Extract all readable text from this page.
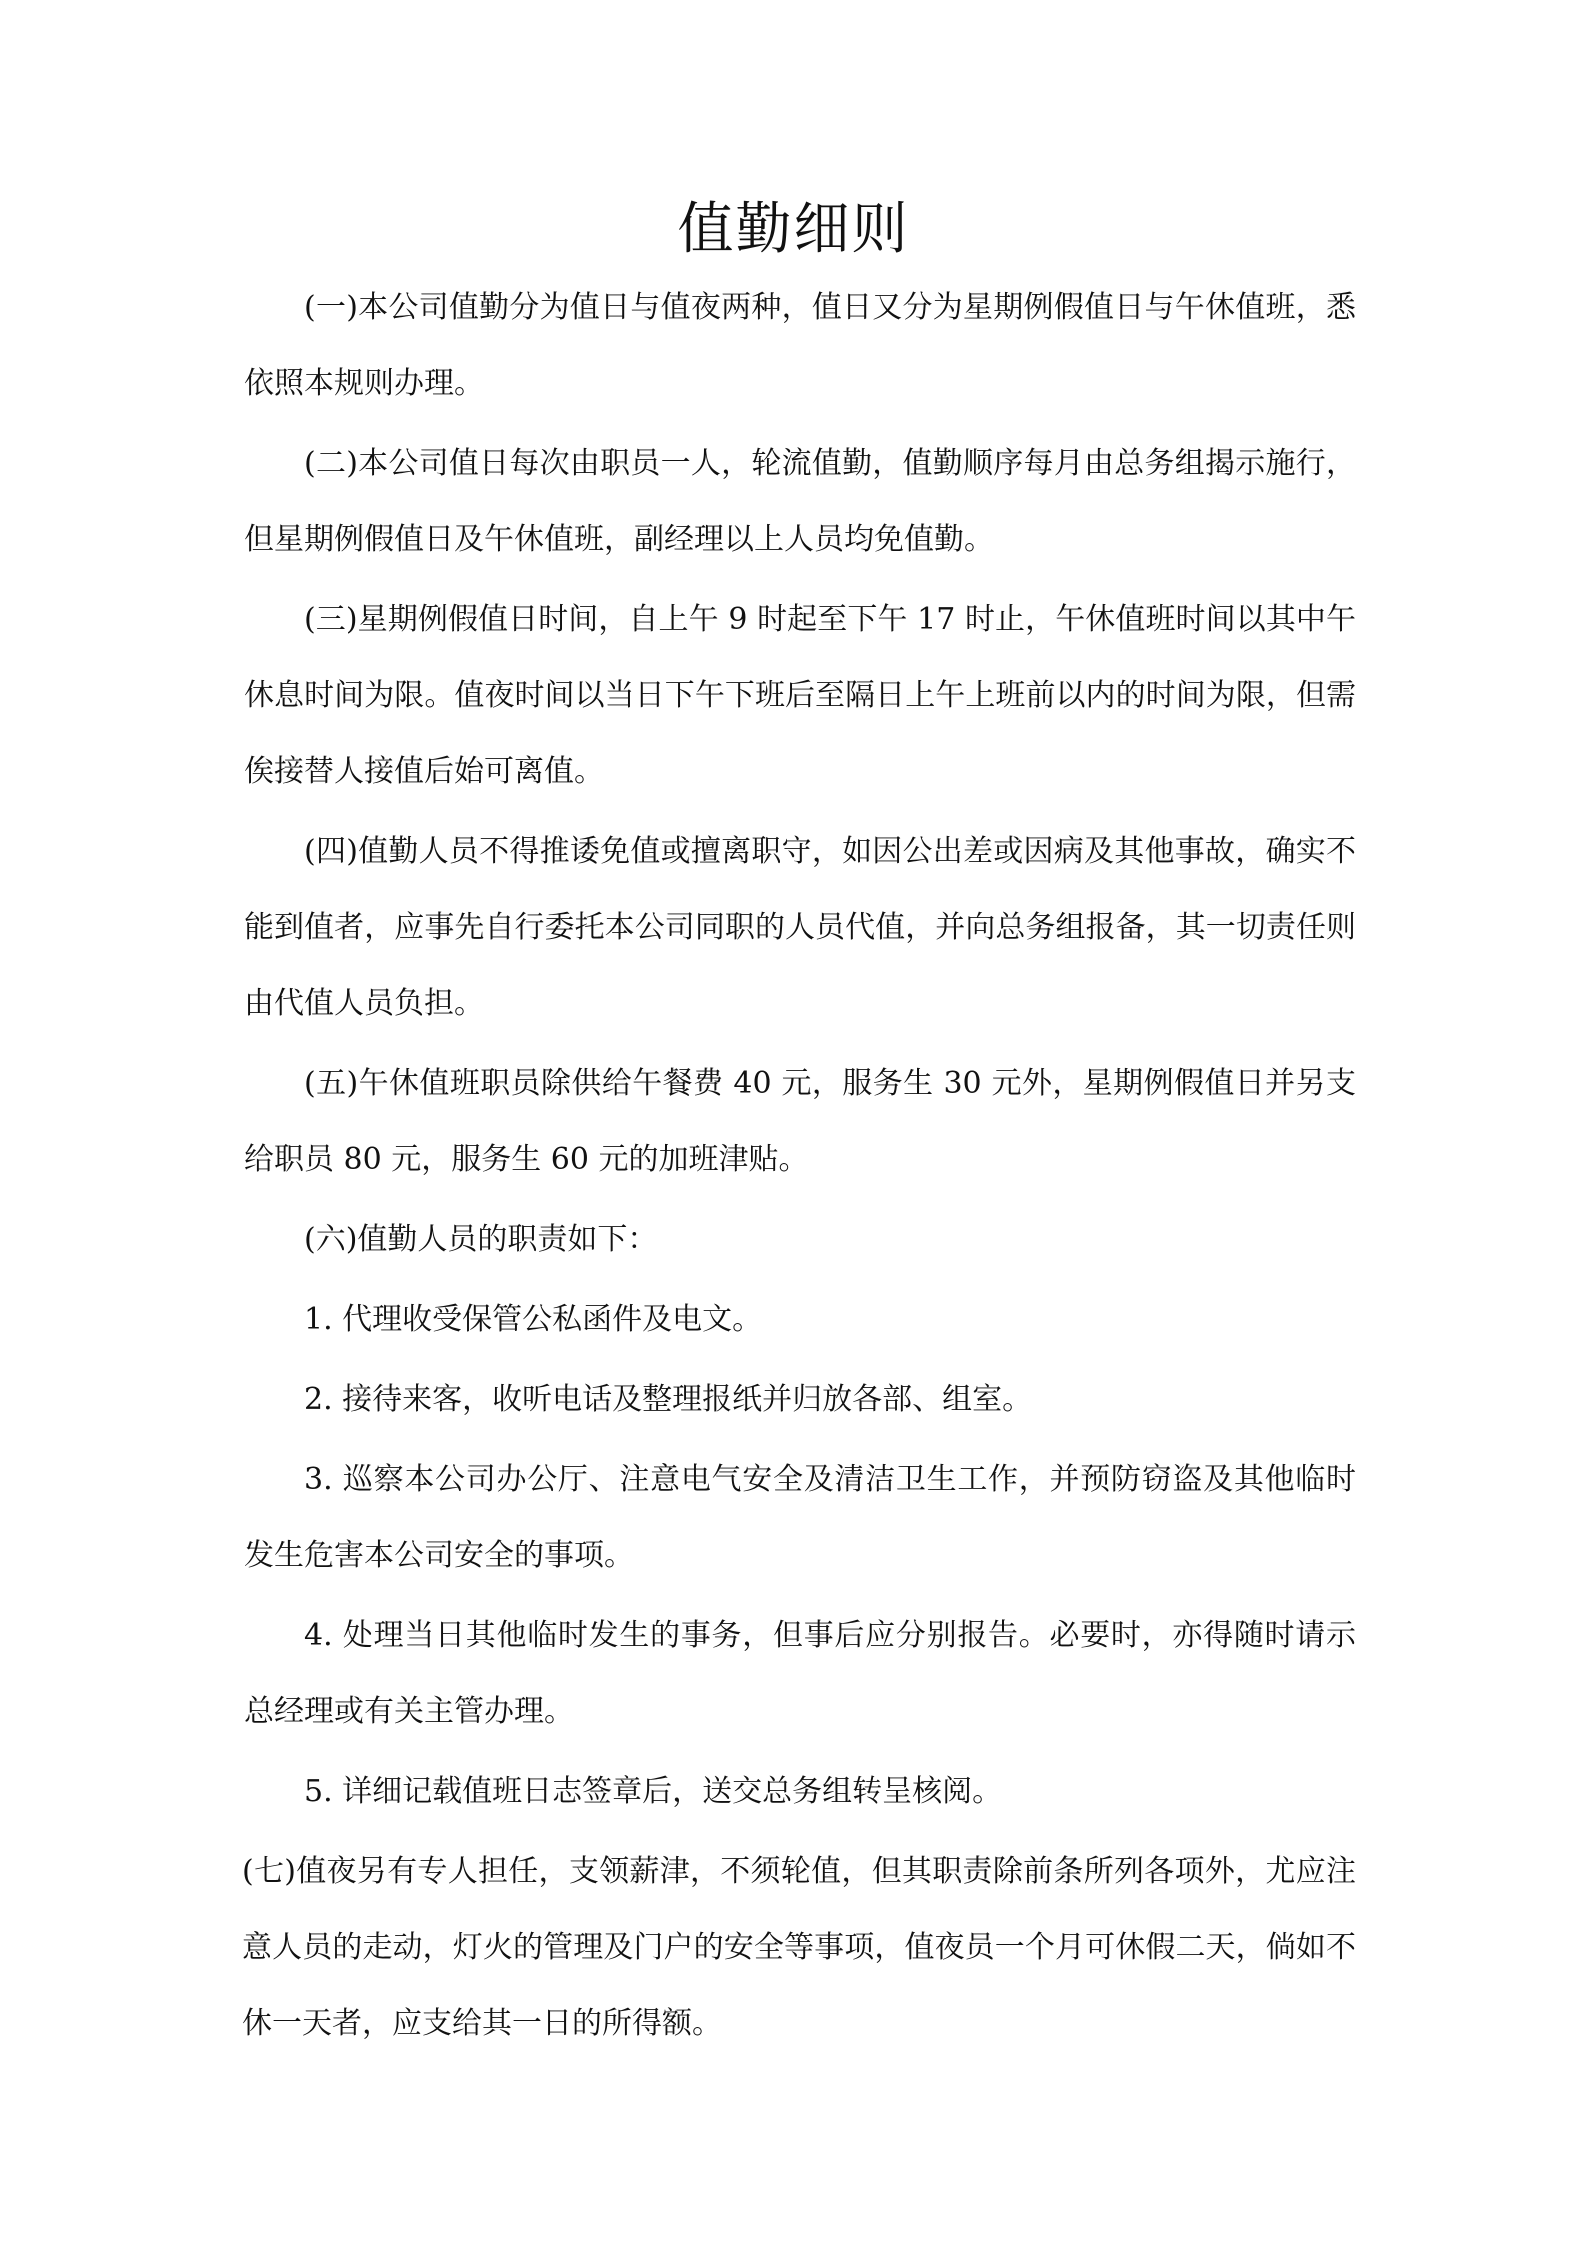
值勤细则

(一)本公司值勤分为值日与值夜两种，值日又分为星期例假值日与午休值班，悉依照本规则办理。

(二)本公司值日每次由职员一人，轮流值勤，值勤顺序每月由总务组揭示施行，但星期例假值日及午休值班，副经理以上人员均免值勤。

(三)星期例假值日时间，自上午 9 时起至下午 17 时止，午休值班时间以其中午休息时间为限。值夜时间以当日下午下班后至隔日上午上班前以内的时间为限，但需俟接替人接值后始可离值。

(四)值勤人员不得推诿免值或擅离职守，如因公出差或因病及其他事故，确实不能到值者，应事先自行委托本公司同职的人员代值，并向总务组报备，其一切责任则由代值人员负担。

(五)午休值班职员除供给午餐费 40 元，服务生 30 元外，星期例假值日并另支给职员 80 元，服务生 60 元的加班津贴。

(六)值勤人员的职责如下：

1. 代理收受保管公私函件及电文。

2. 接待来客，收听电话及整理报纸并归放各部、组室。

3. 巡察本公司办公厅、注意电气安全及清洁卫生工作，并预防窃盗及其他临时发生危害本公司安全的事项。

4. 处理当日其他临时发生的事务，但事后应分别报告。必要时，亦得随时请示总经理或有关主管办理。

5. 详细记载值班日志签章后，送交总务组转呈核阅。

(七)值夜另有专人担任，支领薪津，不须轮值，但其职责除前条所列各项外，尤应注意人员的走动，灯火的管理及门户的安全等事项，值夜员一个月可休假二天，倘如不休一天者，应支给其一日的所得额。
